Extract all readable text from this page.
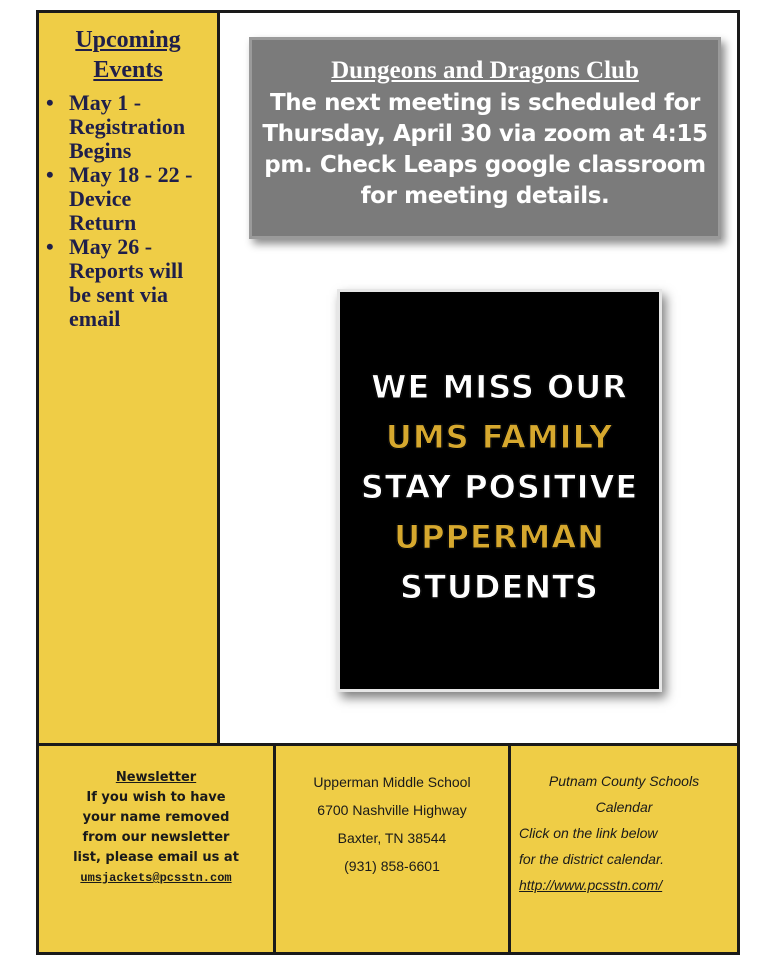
Upcoming
Events
• May 1 -
Registration
Begins
• May 18 - 22 -
Device
Return
• May 26 -
Reports will
be sent via
email
Dungeons and Dragons Club
The next meeting is scheduled for Thursday, April 30 via zoom at 4:15 pm. Check Leaps google classroom for meeting details.
WE MISS OUR
UMS FAMILY
STAY POSITIVE
UPPERMAN
STUDENTS
Newsletter
If you wish to have
your name removed
from our newsletter
list, please email us at
umsjackets@pcsstn.com
Upperman Middle School
6700 Nashville Highway
Baxter, TN 38544
(931) 858-6601
Putnam County Schools
Calendar
Click on the link below
for the district calendar.
http://www.pcsstn.com/
